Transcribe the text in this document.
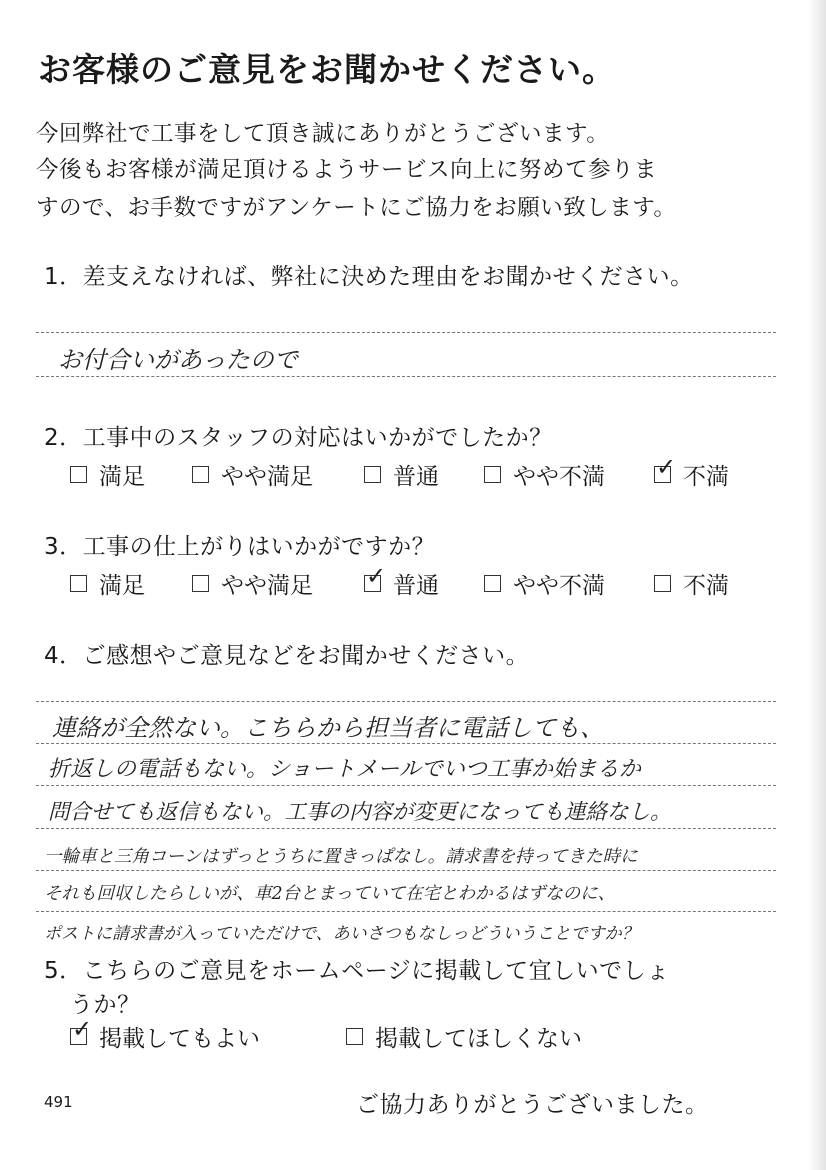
お客様のご意見をお聞かせください。
今回弊社で工事をして頂き誠にありがとうございます。
今後もお客様が満足頂けるようサービス向上に努めて参りま
すので、お手数ですがアンケートにご協力をお願い致します。
1．差支えなければ、弊社に決めた理由をお聞かせください。
お付合いがあったので
2．工事中のスタッフの対応はいかがでしたか？
満足	やや満足	普通	やや不満 ✓ 不満
3．工事の仕上がりはいかがですか？
満足	やや満足 ✓ 普通	やや不満	不満
4．ご感想やご意見などをお聞かせください。
連絡が全然ない。こちらから担当者に電話しても、
折返しの電話もない。ショートメールでいつ工事か始まるか
問合せても返信もない。工事の内容が変更になっても連絡なし。
一輪車と三角コーンはずっとうちに置きっぱなし。請求書を持ってきた時に
それも回収したらしいが、車2台とまっていて在宅とわかるはずなのに、
ポストに請求書が入っていただけで、あいさつもなしっどういうことですか？
5．こちらのご意見をホームページに掲載して宜しいでしょ
うか？
✓ 掲載してもよい	掲載してほしくない
491	ご協力ありがとうございました。
